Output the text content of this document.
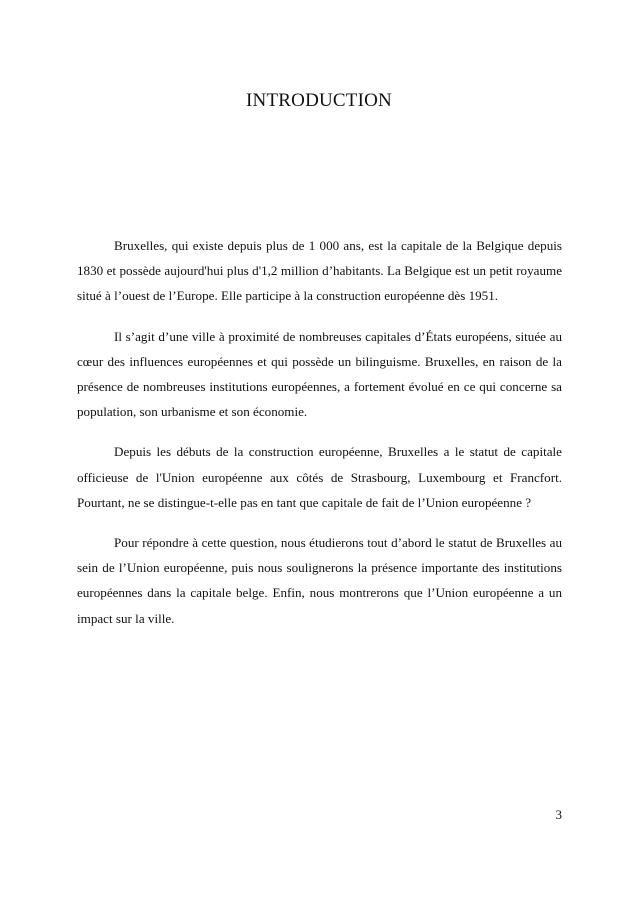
INTRODUCTION

Bruxelles, qui existe depuis plus de 1 000 ans, est la capitale de la Belgique depuis 1830 et possède aujourd'hui plus d'1,2 million d’habitants. La Belgique est un petit royaume situé à l’ouest de l’Europe. Elle participe à la construction européenne dès 1951.

Il s’agit d’une ville à proximité de nombreuses capitales d’États européens, située au cœur des influences européennes et qui possède un bilinguisme. Bruxelles, en raison de la présence de nombreuses institutions européennes, a fortement évolué en ce qui concerne sa population, son urbanisme et son économie.

Depuis les débuts de la construction européenne, Bruxelles a le statut de capitale officieuse de l'Union européenne aux côtés de Strasbourg, Luxembourg et Francfort. Pourtant, ne se distingue-t-elle pas en tant que capitale de fait de l’Union européenne ?

Pour répondre à cette question, nous étudierons tout d’abord le statut de Bruxelles au sein de l’Union européenne, puis nous soulignerons la présence importante des institutions européennes dans la capitale belge. Enfin, nous montrerons que l’Union européenne a un impact sur la ville.

3
